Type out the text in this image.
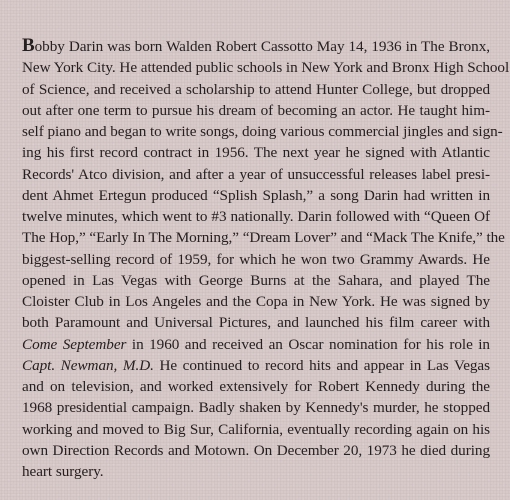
Bobby Darin was born Walden Robert Cassotto May 14, 1936 in The Bronx,
New York City. He attended public schools in New York and Bronx High School
of Science, and received a scholarship to attend Hunter College, but dropped
out after one term to pursue his dream of becoming an actor. He taught him-
self piano and began to write songs, doing various commercial jingles and sign-
ing his first record contract in 1956. The next year he signed with Atlantic
Records' Atco division, and after a year of unsuccessful releases label presi-
dent Ahmet Ertegun produced “Splish Splash,” a song Darin had written in
twelve minutes, which went to #3 nationally. Darin followed with “Queen Of
The Hop,” “Early In The Morning,” “Dream Lover” and “Mack The Knife,” the
biggest-selling record of 1959, for which he won two Grammy Awards. He
opened in Las Vegas with George Burns at the Sahara, and played The
Cloister Club in Los Angeles and the Copa in New York. He was signed by
both Paramount and Universal Pictures, and launched his film career with
Come September in 1960 and received an Oscar nomination for his role in
Capt. Newman, M.D. He continued to record hits and appear in Las Vegas
and on television, and worked extensively for Robert Kennedy during the
1968 presidential campaign. Badly shaken by Kennedy's murder, he stopped
working and moved to Big Sur, California, eventually recording again on his
own Direction Records and Motown. On December 20, 1973 he died during
heart surgery.
